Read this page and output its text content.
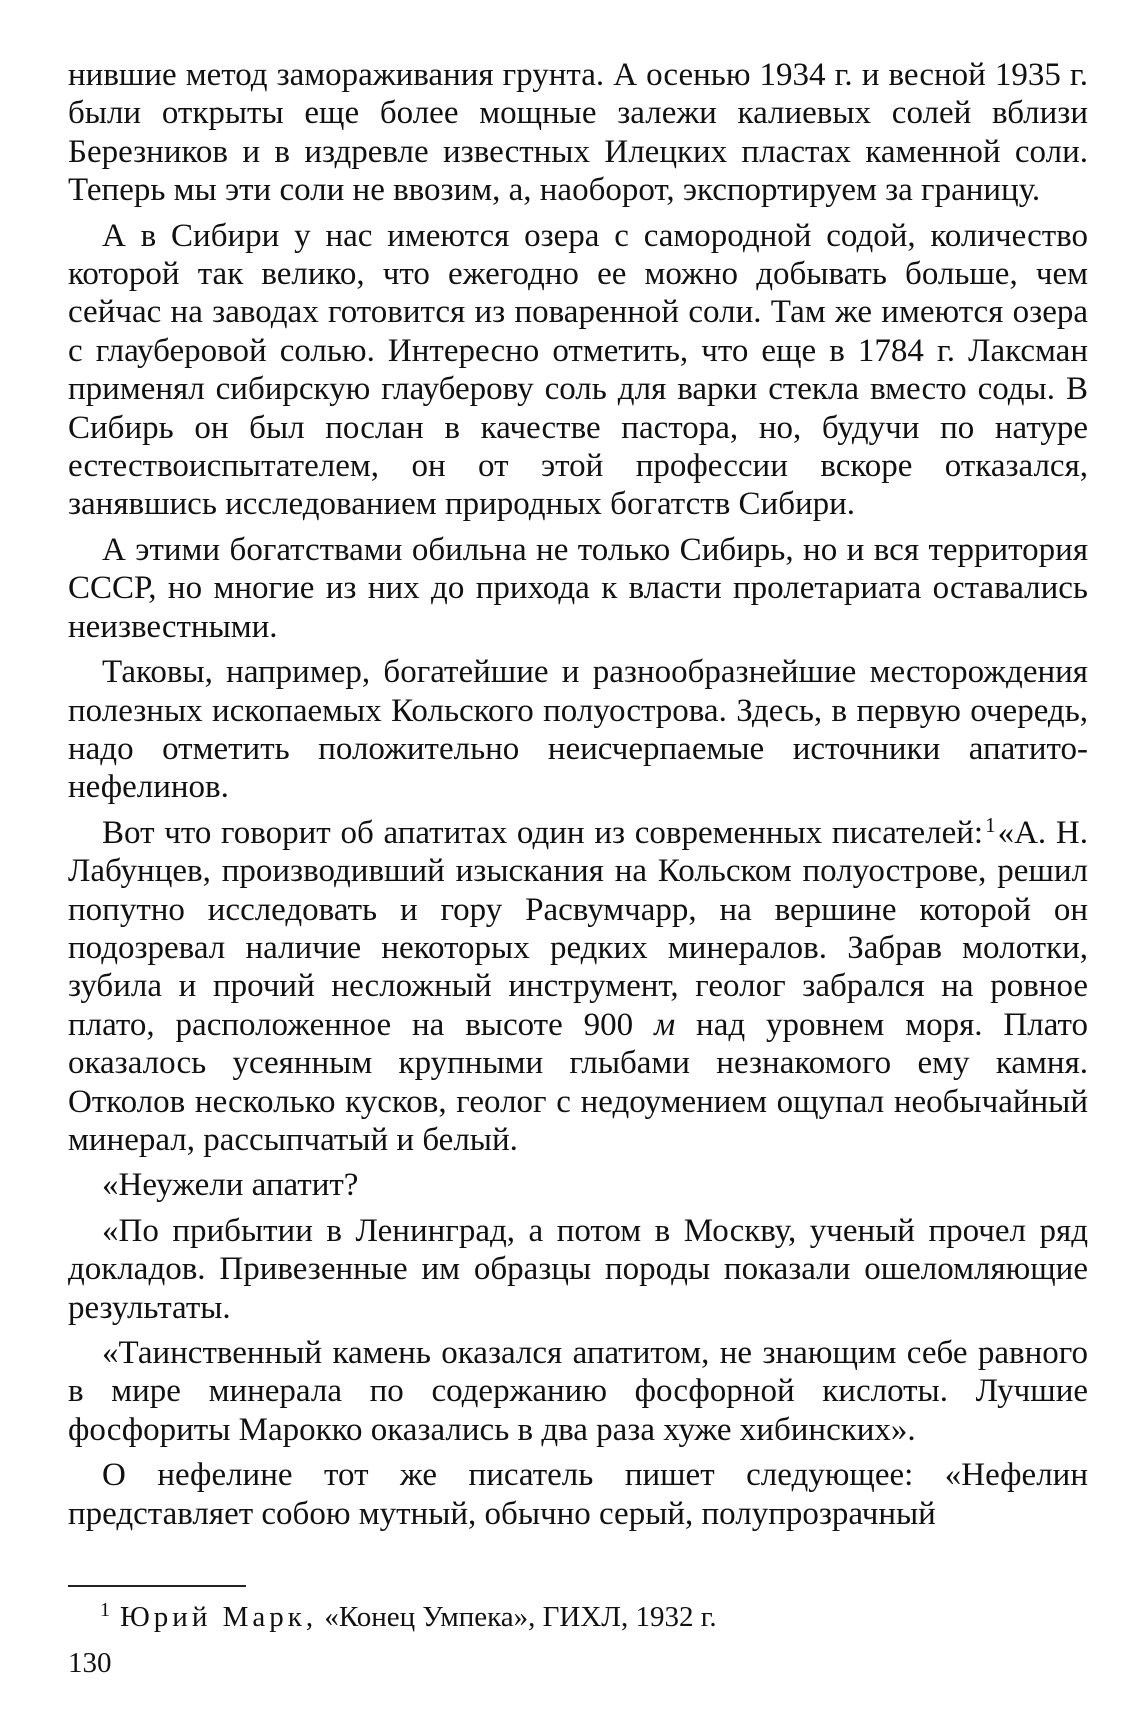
нившие метод замораживания грунта. А осенью 1934 г. и весной 1935 г. были открыты еще более мощные залежи калиевых солей вблизи Березников и в издревле известных Илецких пластах каменной соли. Теперь мы эти соли не ввозим, а, наоборот, экспортируем за границу.

А в Сибири у нас имеются озера с самородной содой, количество которой так велико, что ежегодно ее можно добывать больше, чем сейчас на заводах готовится из поваренной соли. Там же имеются озера с глауберовой солью. Интересно отметить, что еще в 1784 г. Лаксман применял сибирскую глауберову соль для варки стекла вместо соды. В Сибирь он был послан в качестве пастора, но, будучи по натуре естествоиспытателем, он от этой профессии вскоре отказался, занявшись исследованием природных богатств Сибири.

А этими богатствами обильна не только Сибирь, но и вся территория СССР, но многие из них до прихода к власти пролетариата оставались неизвестными.

Таковы, например, богатейшие и разнообразнейшие месторождения полезных ископаемых Кольского полуострова. Здесь, в первую очередь, надо отметить положительно неисчерпаемые источники апатито-нефелинов.

Вот что говорит об апатитах один из современных писателей:$^1$«А. Н. Лабунцев, производивший изыскания на Кольском полуострове, решил попутно исследовать и гору Расвумчарр, на вершине которой он подозревал наличие некоторых редких минералов. Забрав молотки, зубила и прочий несложный инструмент, геолог забрался на ровное плато, расположенное на высоте 900 м над уровнем моря. Плато оказалось усеянным крупными глыбами незнакомого ему камня. Отколов несколько кусков, геолог с недоумением ощупал необычайный минерал, рассыпчатый и белый.

«Неужели апатит?

«По прибытии в Ленинград, а потом в Москву, ученый прочел ряд докладов. Привезенные им образцы породы показали ошеломляющие результаты.

«Таинственный камень оказался апатитом, не знающим себе равного в мире минерала по содержанию фосфорной кислоты. Лучшие фосфориты Марокко оказались в два раза хуже хибинских».

О нефелине тот же писатель пишет следующее: «Нефелин представляет собою мутный, обычно серый, полупрозрачный

$^1$ Юрий Марк, «Конец Умпека», ГИХЛ, 1932 г.
130
